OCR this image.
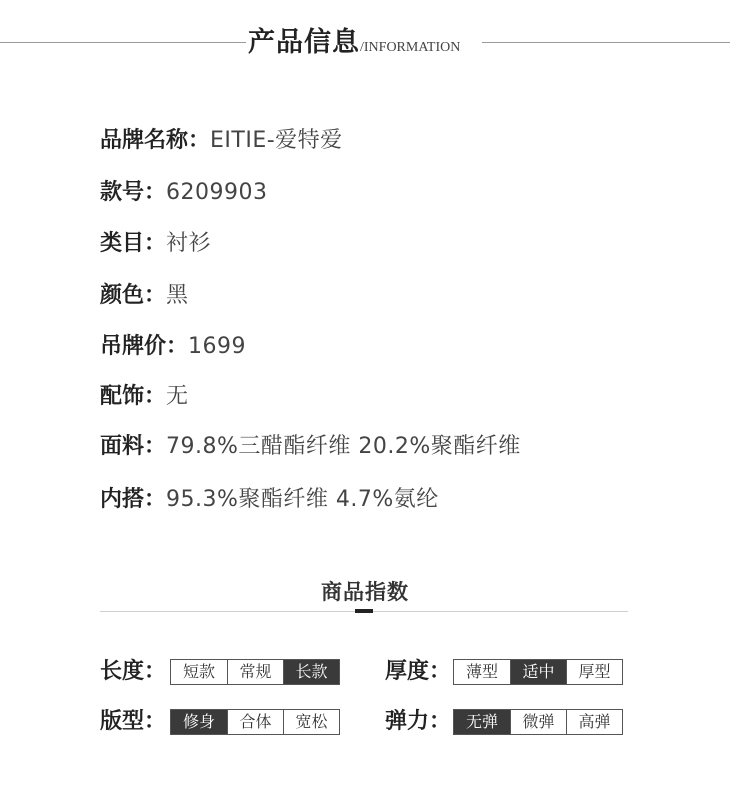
产品信息/INFORMATION
品牌名称：EITIE-爱特爱
款号：6209903
类目：衬衫
颜色：黑
吊牌价：1699
配饰：无
面料：79.8%三醋酯纤维 20.2%聚酯纤维
内搭：95.3%聚酯纤维 4.7%氨纶
商品指数
长度：	短款	常规	长款	厚度： 薄型	适中	厚型
版型：	修身	合体	宽松	弹力： 无弹	微弹	高弹
